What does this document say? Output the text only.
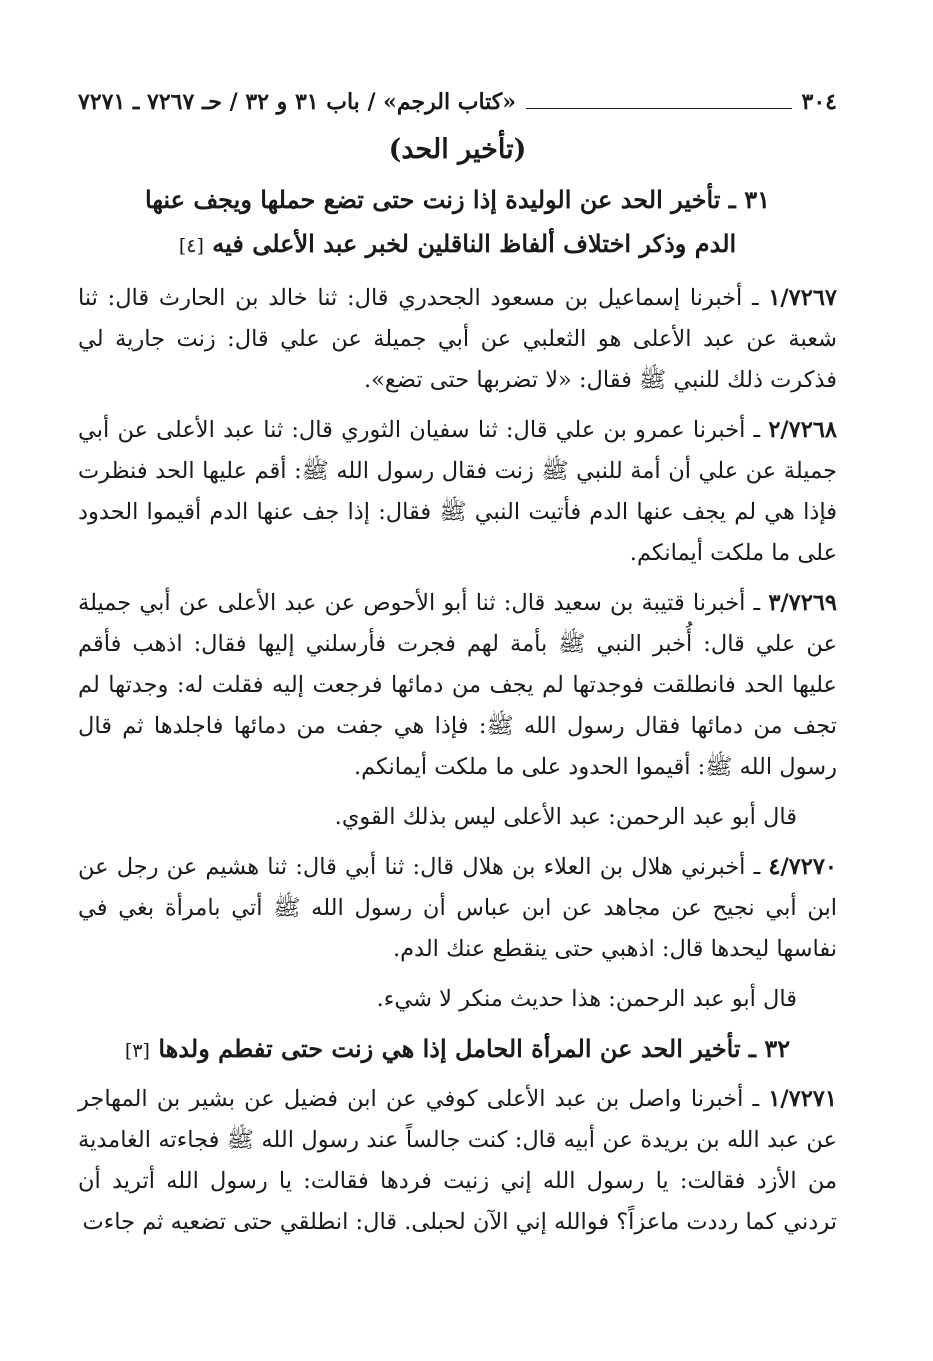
٣٠٤
«كتاب الرجم» / باب ٣١ و ٣٢ / حـ ٧٢٦٧ ـ ٧٢٧١
(تأخير الحد)
٣١ ـ تأخير الحد عن الوليدة إذا زنت حتى تضع حملها ويجف عنها
الدم وذكر اختلاف ألفاظ الناقلين لخبر عبد الأعلى فيه [٤]

١/٧٢٦٧ ـ أخبرنا إسماعيل بن مسعود الجحدري قال: ثنا خالد بن الحارث قال: ثنا شعبة عن عبد الأعلى هو الثعلبي عن أبي جميلة عن علي قال: زنت جارية لي فذكرت ذلك للنبي ﷺ فقال: «لا تضربها حتى تضع».

٢/٧٢٦٨ ـ أخبرنا عمرو بن علي قال: ثنا سفيان الثوري قال: ثنا عبد الأعلى عن أبي جميلة عن علي أن أمة للنبي ﷺ زنت فقال رسول الله ﷺ: أقم عليها الحد فنظرت فإذا هي لم يجف عنها الدم فأتيت النبي ﷺ فقال: إذا جف عنها الدم أقيموا الحدود على ما ملكت أيمانكم.

٣/٧٢٦٩ ـ أخبرنا قتيبة بن سعيد قال: ثنا أبو الأحوص عن عبد الأعلى عن أبي جميلة عن علي قال: أُخبر النبي ﷺ بأمة لهم فجرت فأرسلني إليها فقال: اذهب فأقم عليها الحد فانطلقت فوجدتها لم يجف من دمائها فرجعت إليه فقلت له: وجدتها لم تجف من دمائها فقال رسول الله ﷺ: فإذا هي جفت من دمائها فاجلدها ثم قال رسول الله ﷺ: أقيموا الحدود على ما ملكت أيمانكم.

قال أبو عبد الرحمن: عبد الأعلى ليس بذلك القوي.

٤/٧٢٧٠ ـ أخبرني هلال بن العلاء بن هلال قال: ثنا أبي قال: ثنا هشيم عن رجل عن ابن أبي نجيح عن مجاهد عن ابن عباس أن رسول الله ﷺ أتي بامرأة بغي في نفاسها ليحدها قال: اذهبي حتى ينقطع عنك الدم.

قال أبو عبد الرحمن: هذا حديث منكر لا شيء.

٣٢ ـ تأخير الحد عن المرأة الحامل إذا هي زنت حتى تفطم ولدها [٣]

١/٧٢٧١ ـ أخبرنا واصل بن عبد الأعلى كوفي عن ابن فضيل عن بشير بن المهاجر عن عبد الله بن بريدة عن أبيه قال: كنت جالساً عند رسول الله ﷺ فجاءته الغامدية من الأزد فقالت: يا رسول الله إني زنيت فردها فقالت: يا رسول الله أتريد أن تردني كما رددت ماعزاً؟ فوالله إني الآن لحبلى. قال: انطلقي حتى تضعيه ثم جاءت
